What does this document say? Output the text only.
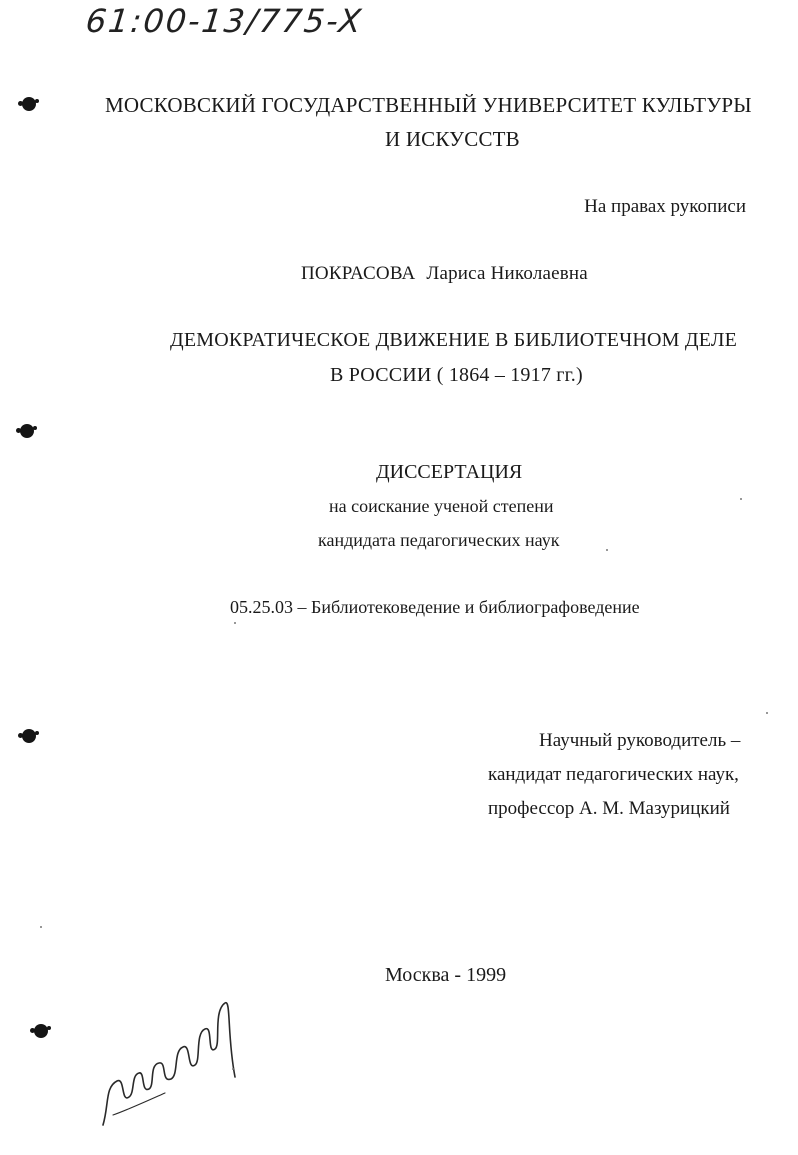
61:00-13/775-X
МОСКОВСКИЙ ГОСУДАРСТВЕННЫЙ УНИВЕРСИТЕТ КУЛЬТУРЫ
И ИСКУССТВ
На правах рукописи
ПОКРАСОВА Лариса Николаевна
ДЕМОКРАТИЧЕСКОЕ ДВИЖЕНИЕ В БИБЛИОТЕЧНОМ ДЕЛЕ
В РОССИИ ( 1864 – 1917 гг.)
ДИССЕРТАЦИЯ
на соискание ученой степени
кандидата педагогических наук
05.25.03 – Библиотековедение и библиографоведение
Научный руководитель –
кандидат педагогических наук,
профессор А. М. Мазурицкий
Москва - 1999
